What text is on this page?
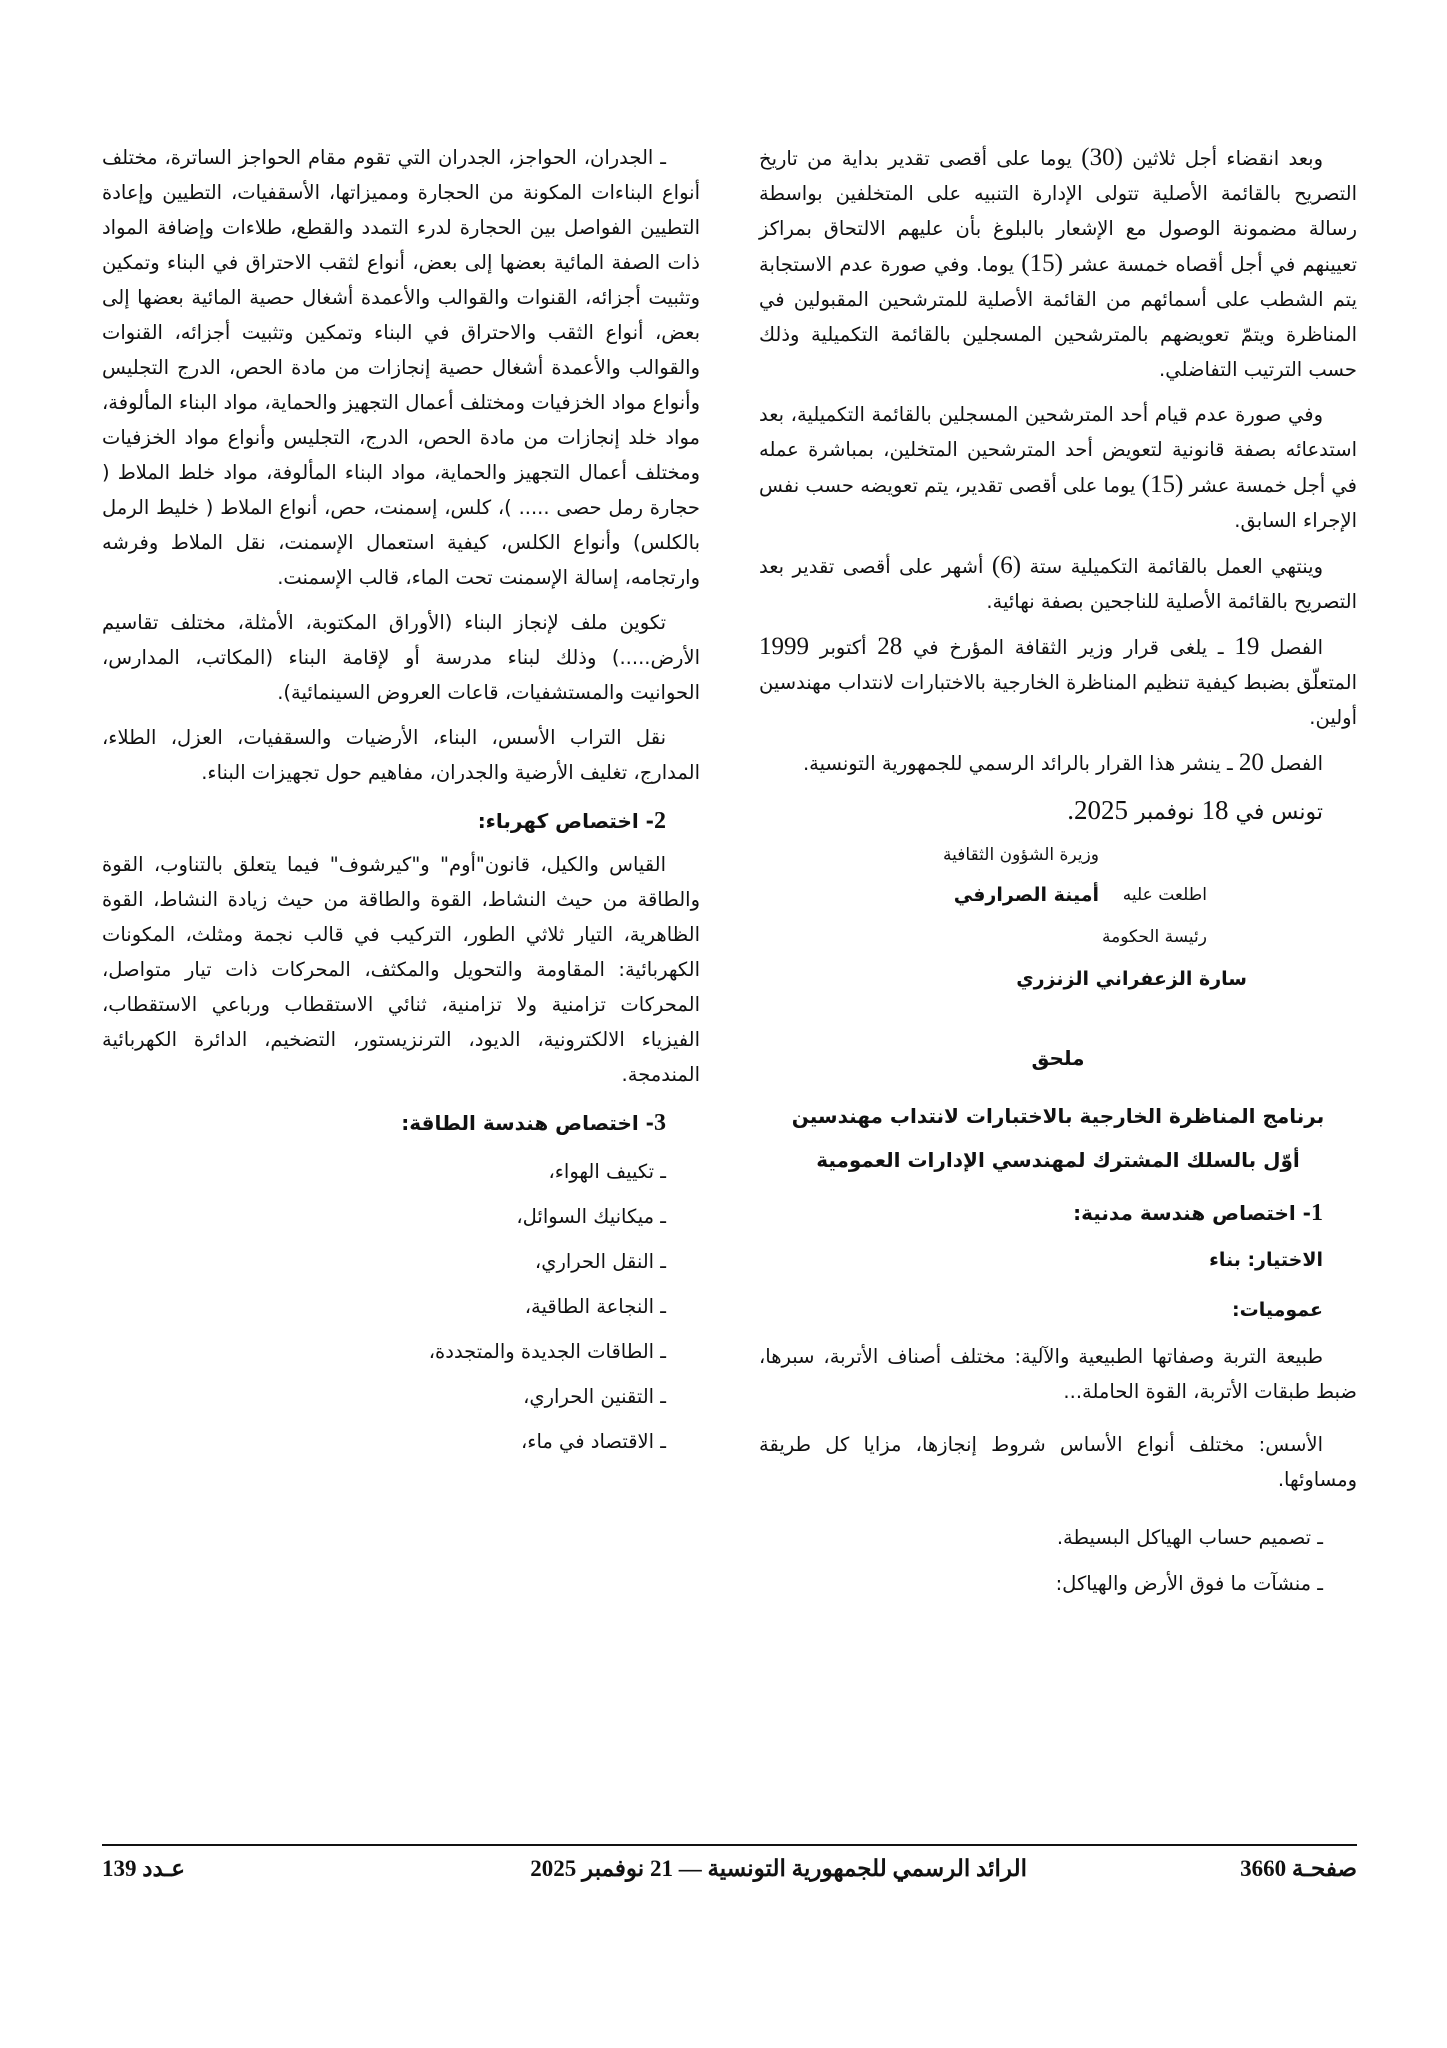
وبعد انقضاء أجل ثلاثين (30) يوما على أقصى تقدير بداية من تاريخ التصريح بالقائمة الأصلية تتولى الإدارة التنبيه على المتخلفين بواسطة رسالة مضمونة الوصول مع الإشعار بالبلوغ بأن عليهم الالتحاق بمراكز تعيينهم في أجل أقصاه خمسة عشر (15) يوما. وفي صورة عدم الاستجابة يتم الشطب على أسمائهم من القائمة الأصلية للمترشحين المقبولين في المناظرة ويتمّ تعويضهم بالمترشحين المسجلين بالقائمة التكميلية وذلك حسب الترتيب التفاضلي.

وفي صورة عدم قيام أحد المترشحين المسجلين بالقائمة التكميلية، بعد استدعائه بصفة قانونية لتعويض أحد المترشحين المتخلين، بمباشرة عمله في أجل خمسة عشر (15) يوما على أقصى تقدير، يتم تعويضه حسب نفس الإجراء السابق.

وينتهي العمل بالقائمة التكميلية ستة (6) أشهر على أقصى تقدير بعد التصريح بالقائمة الأصلية للناجحين بصفة نهائية.

الفصل 19 ـ يلغى قرار وزير الثقافة المؤرخ في 28 أكتوبر 1999 المتعلّق بضبط كيفية تنظيم المناظرة الخارجية بالاختبارات لانتداب مهندسين أولين.

الفصل 20 ـ ينشر هذا القرار بالرائد الرسمي للجمهورية التونسية.

تونس في 18 نوفمبر 2025.

وزيرة الشؤون الثقافية
أمينة الصرارفي	اطلعت عليه
رئيسة الحكومة
سارة الزعفراني الزنزري

ملحق

برنامج المناظرة الخارجية بالاختبارات لانتداب مهندسين

أوّل بالسلك المشترك لمهندسي الإدارات العمومية

1- اختصاص هندسة مدنية:

الاختيار: بناء

عموميات:

طبيعة التربة وصفاتها الطبيعية والآلية: مختلف أصناف الأتربة، سبرها، ضبط طبقات الأتربة، القوة الحاملة...

الأسس: مختلف أنواع الأساس شروط إنجازها، مزايا كل طريقة ومساوئها.

ـ تصميم حساب الهياكل البسيطة.

ـ منشآت ما فوق الأرض والهياكل:

ـ الجدران، الحواجز، الجدران التي تقوم مقام الحواجز الساترة، مختلف أنواع البناءات المكونة من الحجارة ومميزاتها، الأسقفيات، التطيين وإعادة التطيين الفواصل بين الحجارة لدرء التمدد والقطع، طلاءات وإضافة المواد ذات الصفة المائية بعضها إلى بعض، أنواع لثقب الاحتراق في البناء وتمكين وتثبيت أجزائه، القنوات والقوالب والأعمدة أشغال حصية المائية بعضها إلى بعض، أنواع الثقب والاحتراق في البناء وتمكين وتثبيت أجزائه، القنوات والقوالب والأعمدة أشغال حصية إنجازات من مادة الحص، الدرج التجليس وأنواع مواد الخزفيات ومختلف أعمال التجهيز والحماية، مواد البناء المألوفة، مواد خلد إنجازات من مادة الحص، الدرج، التجليس وأنواع مواد الخزفيات ومختلف أعمال التجهيز والحماية، مواد البناء المألوفة، مواد خلط الملاط ( حجارة رمل حصى ..... )، كلس، إسمنت، حص، أنواع الملاط ( خليط الرمل بالكلس) وأنواع الكلس، كيفية استعمال الإسمنت، نقل الملاط وفرشه وارتجامه، إسالة الإسمنت تحت الماء، قالب الإسمنت.

تكوين ملف لإنجاز البناء (الأوراق المكتوبة، الأمثلة، مختلف تقاسيم الأرض.....) وذلك لبناء مدرسة أو لإقامة البناء (المكاتب، المدارس، الحوانيت والمستشفيات، قاعات العروض السينمائية).

نقل التراب الأسس، البناء، الأرضيات والسقفيات، العزل، الطلاء، المدارج، تغليف الأرضية والجدران، مفاهيم حول تجهيزات البناء.

2- اختصاص كهرباء:

القياس والكيل، قانون"أوم" و"كيرشوف" فيما يتعلق بالتناوب، القوة والطاقة من حيث النشاط، القوة والطاقة من حيث زيادة النشاط، القوة الظاهرية، التيار ثلاثي الطور، التركيب في قالب نجمة ومثلث، المكونات الكهربائية: المقاومة والتحويل والمكثف، المحركات ذات تيار متواصل، المحركات تزامنية ولا تزامنية، ثنائي الاستقطاب ورباعي الاستقطاب، الفيزياء الالكترونية، الديود، الترنزيستور، التضخيم، الدائرة الكهربائية المندمجة.

3- اختصاص هندسة الطاقة:

ـ تكييف الهواء،

ـ ميكانيك السوائل،

ـ النقل الحراري،

ـ النجاعة الطاقية،

ـ الطاقات الجديدة والمتجددة،

ـ التقنين الحراري،

ـ الاقتصاد في ماء،

صفحـة 3660
الرائد الرسمي للجمهورية التونسية — 21 نوفمبر 2025
عـدد 139
